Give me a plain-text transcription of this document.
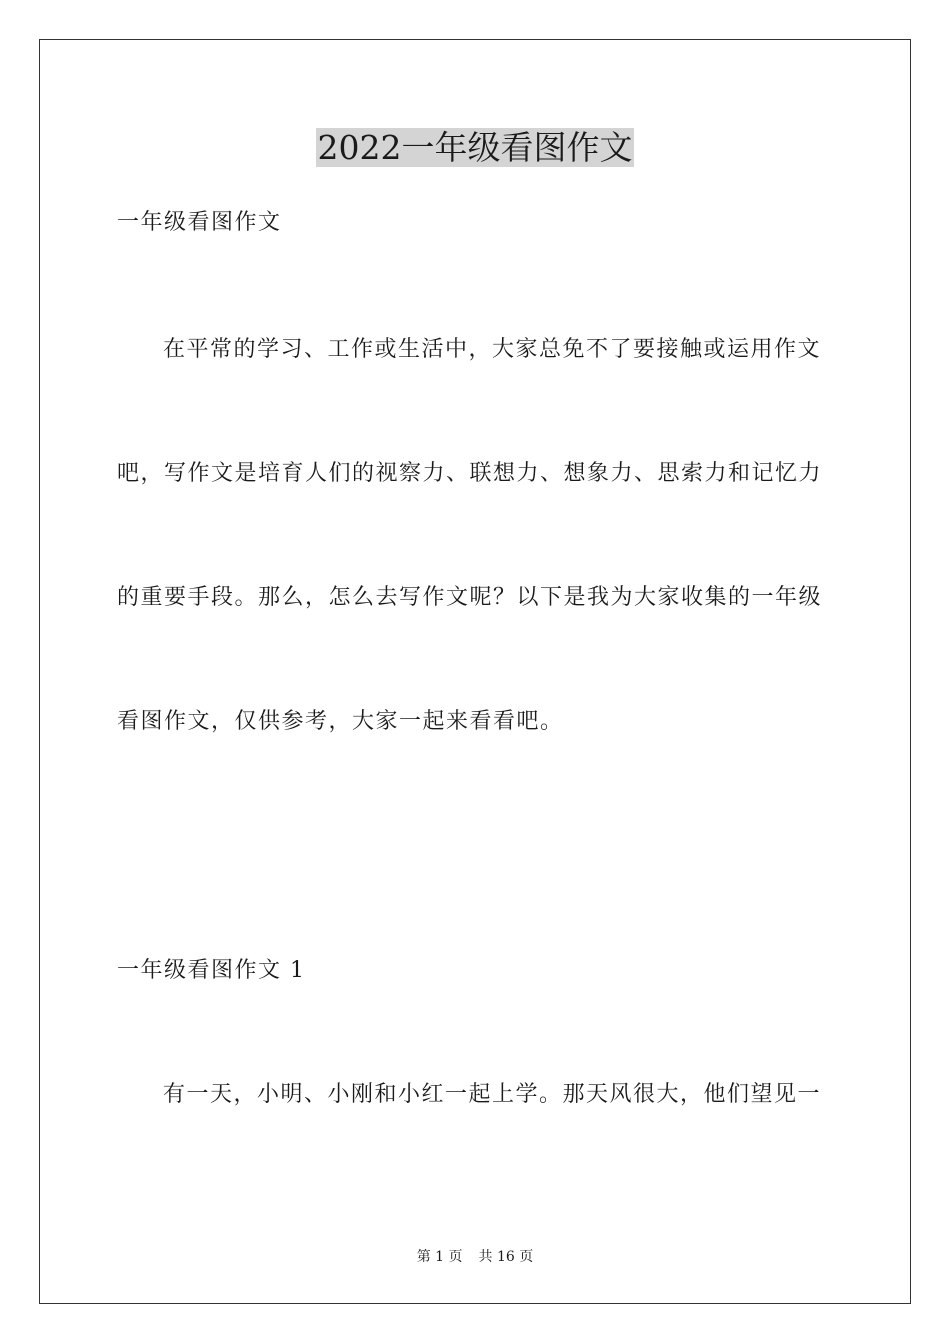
2022一年级看图作文
一年级看图作文
在平常的学习、工作或生活中，大家总免不了要接触或运用作文
吧，写作文是培育人们的视察力、联想力、想象力、思索力和记忆力
的重要手段。那么，怎么去写作文呢？以下是我为大家收集的一年级
看图作文，仅供参考，大家一起来看看吧。
一年级看图作文 1
有一天，小明、小刚和小红一起上学。那天风很大，他们望见一
第 1 页 共 16 页
